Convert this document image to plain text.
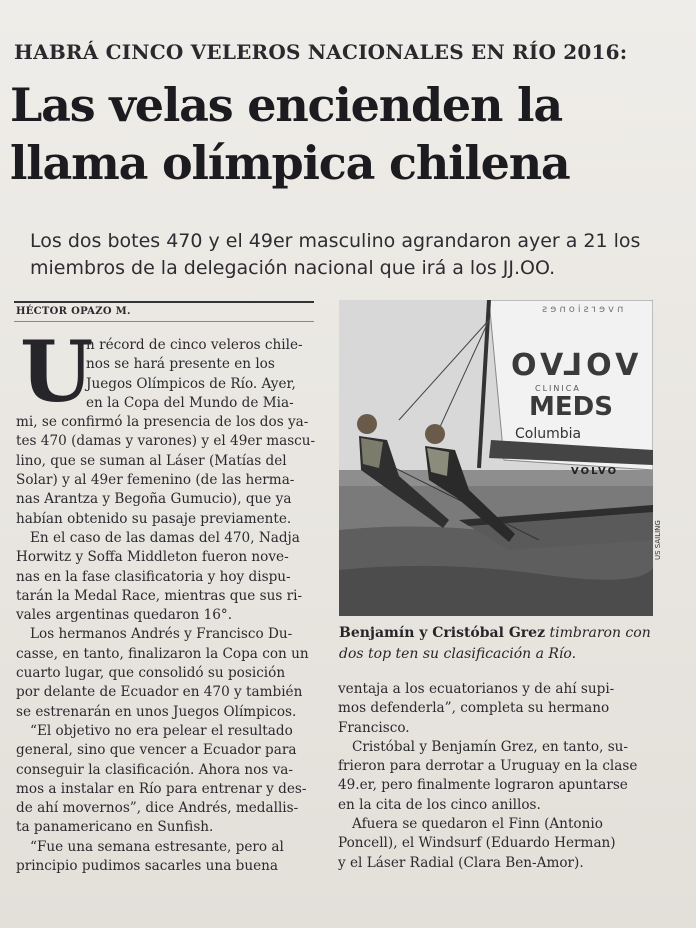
HABRÁ CINCO VELEROS NACIONALES EN RÍO 2016:
Las velas encienden la
llama olímpica chilena
Los dos botes 470 y el 49er masculino agrandaron ayer a 21 los
miembros de la delegación nacional que irá a los JJ.OO.
HÉCTOR OPAZO M.
U
n récord de cinco veleros chile-
nos se hará presente en los
Juegos Olímpicos de Río. Ayer,
en la Copa del Mundo de Mia-
mi, se confirmó la presencia de los dos ya-
tes 470 (damas y varones) y el 49er mascu-
lino, que se suman al Láser (Matías del
Solar) y al 49er femenino (de las herma-
nas Arantza y Begoña Gumucio), que ya
habían obtenido su pasaje previamente.
En el caso de las damas del 470, Nadja
Horwitz y Soffa Middleton fueron nove-
nas en la fase clasificatoria y hoy dispu-
tarán la Medal Race, mientras que sus ri-
vales argentinas quedaron 16°.
Los hermanos Andrés y Francisco Du-
casse, en tanto, finalizaron la Copa con un
cuarto lugar, que consolidó su posición
por delante de Ecuador en 470 y también
se estrenarán en unos Juegos Olímpicos.
“El objetivo no era pelear el resultado
general, sino que vencer a Ecuador para
conseguir la clasificación. Ahora nos va-
mos a instalar en Río para entrenar y des-
de ahí movernos”, dice Andrés, medallis-
ta panamericano en Sunfish.
“Fue una semana estresante, pero al
principio pudimos sacarles una buena
nversiones
VOLVO
CLINICA
MEDS
Columbia
VOLVO
US SAILING
Benjamín y Cristóbal Grez timbraron con
dos top ten su clasificación a Río.
ventaja a los ecuatorianos y de ahí supi-
mos defenderla”, completa su hermano
Francisco.
Cristóbal y Benjamín Grez, en tanto, su-
frieron para derrotar a Uruguay en la clase
49.er, pero finalmente lograron apuntarse
en la cita de los cinco anillos.
Afuera se quedaron el Finn (Antonio
Poncell), el Windsurf (Eduardo Herman)
y el Láser Radial (Clara Ben-Amor).
